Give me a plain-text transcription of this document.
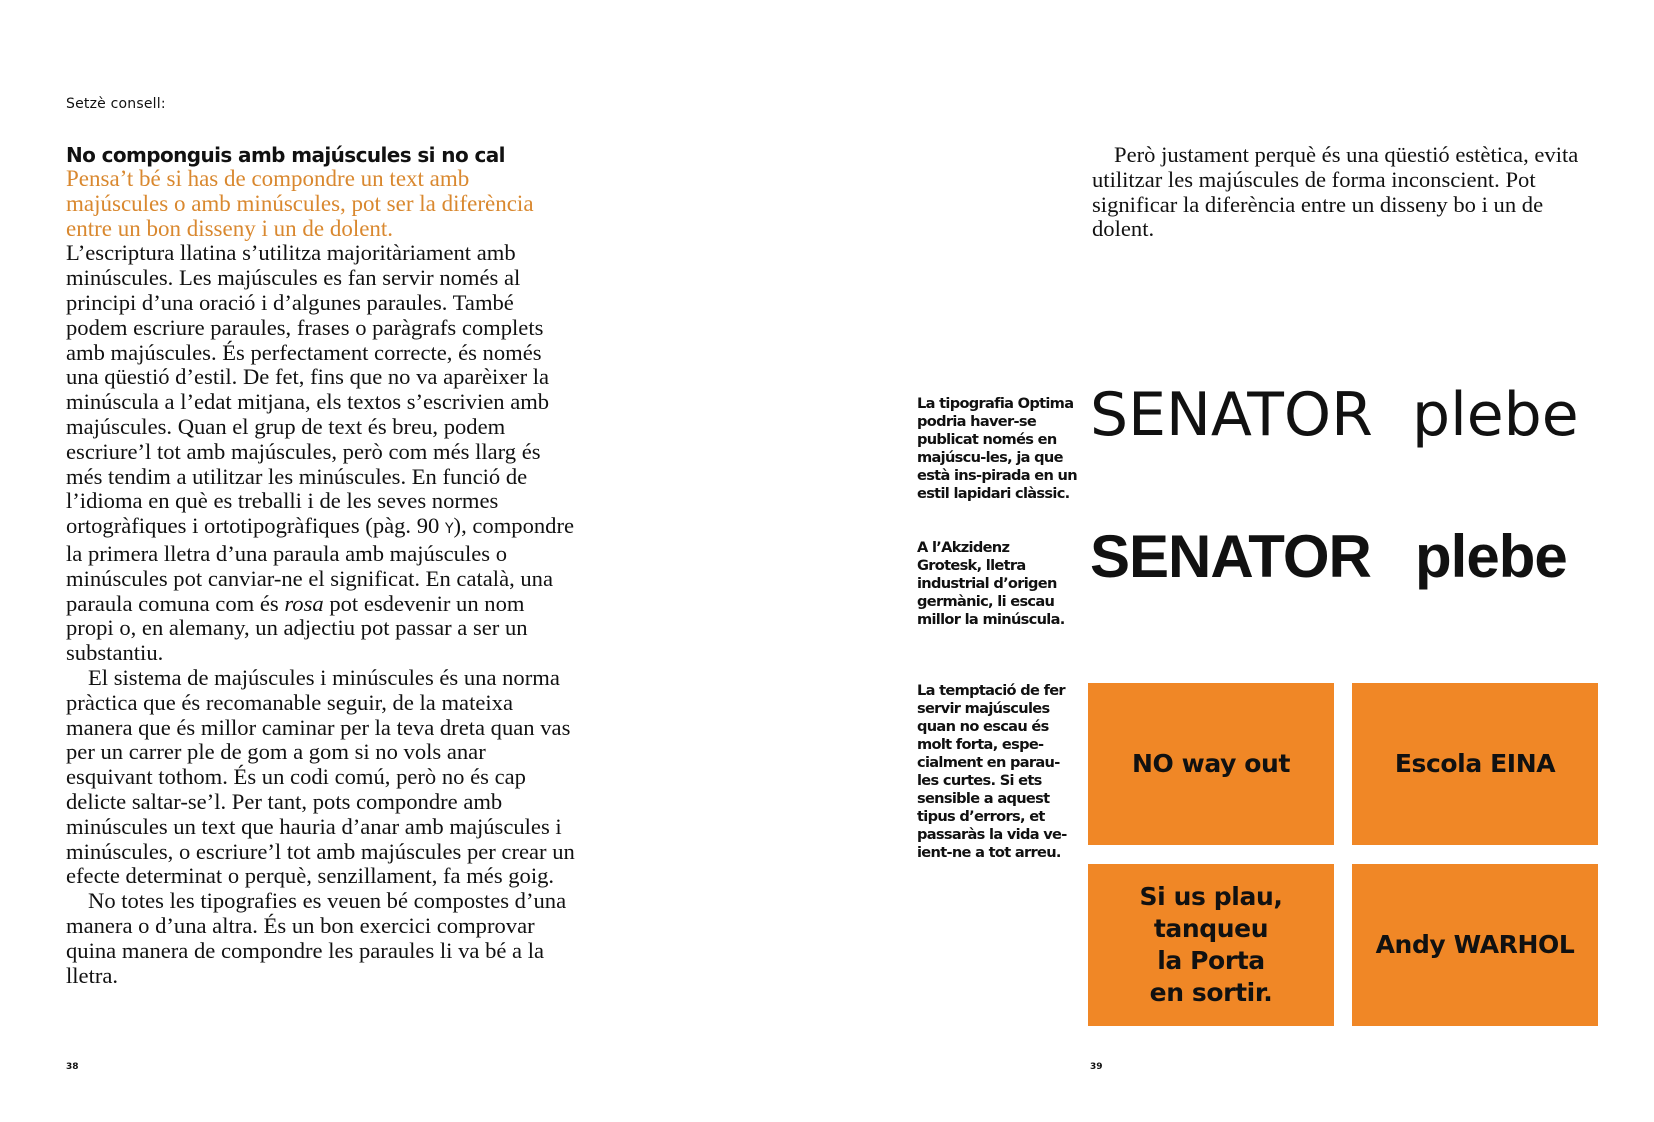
Setzè consell:
No componguis amb majúscules si no cal
Pensa’t bé si has de compondre un text amb majúscules o amb minúscules, pot ser la diferència entre un bon disseny i un de dolent.

L’escriptura llatina s’utilitza majoritàriament amb minúscules. Les majúscules es fan servir només al principi d’una oració i d’algunes paraules. També podem escriure paraules, frases o paràgrafs complets amb majúscules. És perfectament correcte, és només una qüestió d’estil. De fet, fins que no va aparèixer la minúscula a l’edat mitjana, els textos s’escrivien amb majúscules. Quan el grup de text és breu, podem escriure’l tot amb majúscules, però com més llarg és més tendim a utilitzar les minúscules. En funció de l’idioma en què es treballi i de les seves normes ortogràfiques i ortotipogràfiques (pàg. 90 Y), compondre la primera lletra d’una paraula amb majúscules o minúscules pot canviar-ne el significat. En català, una paraula comuna com és rosa pot esdevenir un nom propi o, en alemany, un adjectiu pot passar a ser un substantiu.

El sistema de majúscules i minúscules és una norma pràctica que és recomanable seguir, de la mateixa manera que és millor caminar per la teva dreta quan vas per un carrer ple de gom a gom si no vols anar esquivant tothom. És un codi comú, però no és cap delicte saltar-se’l. Per tant, pots compondre amb minúscules un text que hauria d’anar amb majúscules i minúscules, o escriure’l tot amb majúscules per crear un efecte determinat o perquè, senzillament, fa més goig.

No totes les tipografies es veuen bé compostes d’una manera o d’una altra. És un bon exercici comprovar quina manera de compondre les paraules li va bé a la lletra.

38

Però justament perquè és una qüestió estètica, evita utilitzar les majúscules de forma inconscient. Pot significar la diferència entre un disseny bo i un de dolent.

La tipografia Optima podria haver-se publicat només en majúscu-les, ja que està ins-pirada en un estil lapidari clàssic.
A l’Akzidenz Grotesk, lletra industrial d’origen germànic, li escau millor la minúscula.
La temptació de fer servir majúscules quan no escau és molt forta, espe-cialment en parau-les curtes. Si ets sensible a aquest tipus d’errors, et passaràs la vida ve-ient-ne a tot arreu.
SENATOR plebe
SENATOR plebe
NO way out	Escola EINA
Si us plau,
tanqueu
la Porta
en sortir.
Andy WARHOL
39
